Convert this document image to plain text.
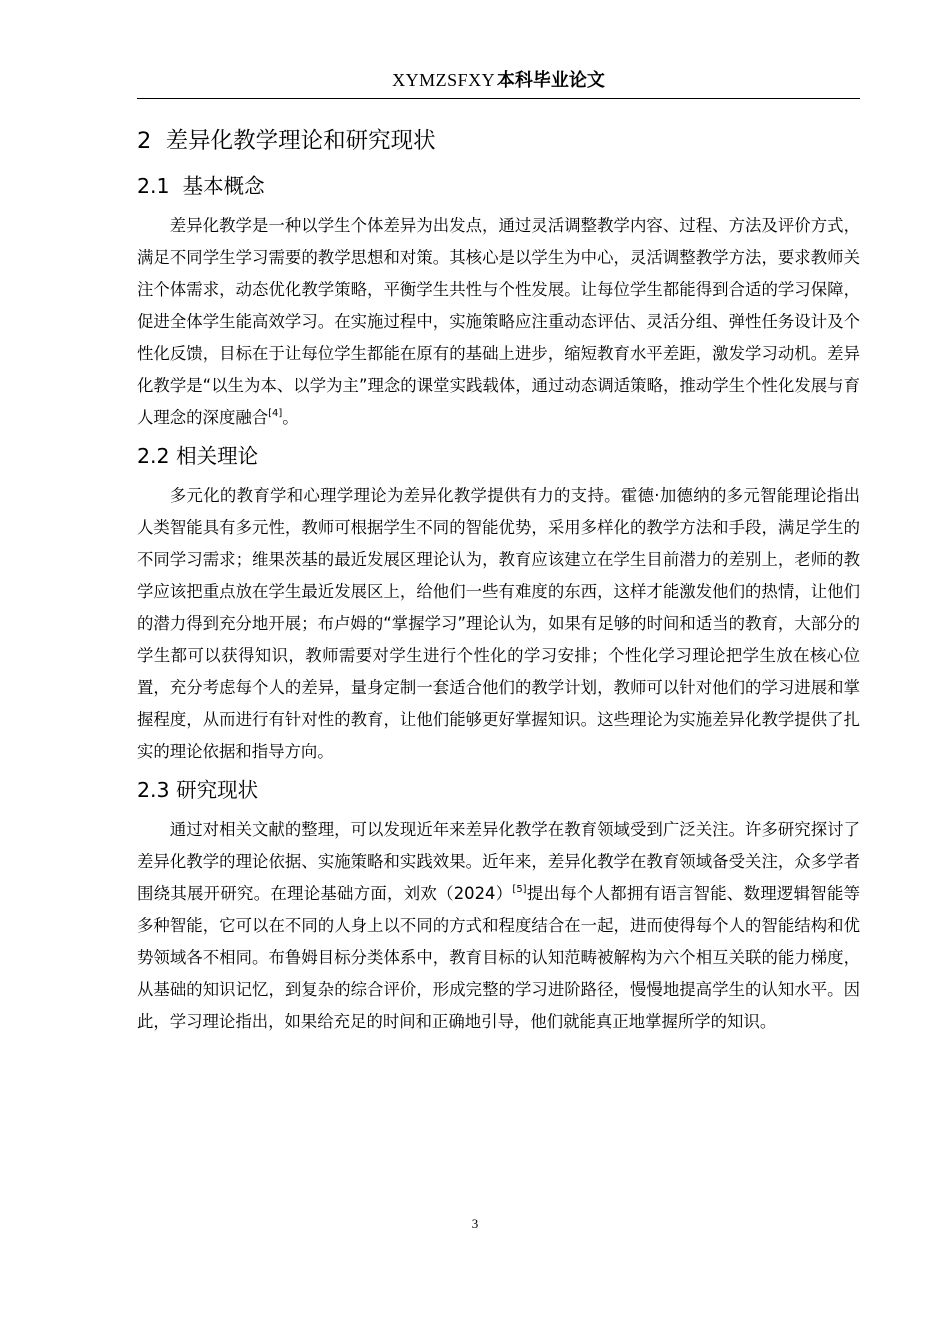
XYMZSFXY 本科毕业论文
2 差异化教学理论和研究现状
2.1 基本概念

差异化教学是一种以学生个体差异为出发点，通过灵活调整教学内容、过程、方法及评价方式，满足不同学生学习需要的教学思想和对策。其核心是以学生为中心，灵活调整教学方法，要求教师关注个体需求，动态优化教学策略，平衡学生共性与个性发展。让每位学生都能得到合适的学习保障，促进全体学生能高效学习。在实施过程中，实施策略应注重动态评估、灵活分组、弹性任务设计及个性化反馈，目标在于让每位学生都能在原有的基础上进步，缩短教育水平差距，激发学习动机。差异化教学是“以生为本、以学为主”理念的课堂实践载体，通过动态调适策略，推动学生个性化发展与育人理念的深度融合[4]。

2.2 相关理论

多元化的教育学和心理学理论为差异化教学提供有力的支持。霍德·加德纳的多元智能理论指出人类智能具有多元性，教师可根据学生不同的智能优势，采用多样化的教学方法和手段，满足学生的不同学习需求；维果茨基的最近发展区理论认为，教育应该建立在学生目前潜力的差别上，老师的教学应该把重点放在学生最近发展区上，给他们一些有难度的东西，这样才能激发他们的热情，让他们的潜力得到充分地开展；布卢姆的“掌握学习”理论认为，如果有足够的时间和适当的教育，大部分的学生都可以获得知识，教师需要对学生进行个性化的学习安排；个性化学习理论把学生放在核心位置，充分考虑每个人的差异，量身定制一套适合他们的教学计划，教师可以针对他们的学习进展和掌握程度，从而进行有针对性的教育，让他们能够更好掌握知识。这些理论为实施差异化教学提供了扎实的理论依据和指导方向。

2.3 研究现状

通过对相关文献的整理，可以发现近年来差异化教学在教育领域受到广泛关注。许多研究探讨了差异化教学的理论依据、实施策略和实践效果。近年来，差异化教学在教育领域备受关注，众多学者围绕其展开研究。在理论基础方面，刘欢（2024）[5]提出每个人都拥有语言智能、数理逻辑智能等多种智能，它可以在不同的人身上以不同的方式和程度结合在一起，进而使得每个人的智能结构和优势领域各不相同。布鲁姆目标分类体系中，教育目标的认知范畴被解构为六个相互关联的能力梯度，从基础的知识记忆，到复杂的综合评价，形成完整的学习进阶路径，慢慢地提高学生的认知水平。因此，学习理论指出，如果给充足的时间和正确地引导，他们就能真正地掌握所学的知识。

3
